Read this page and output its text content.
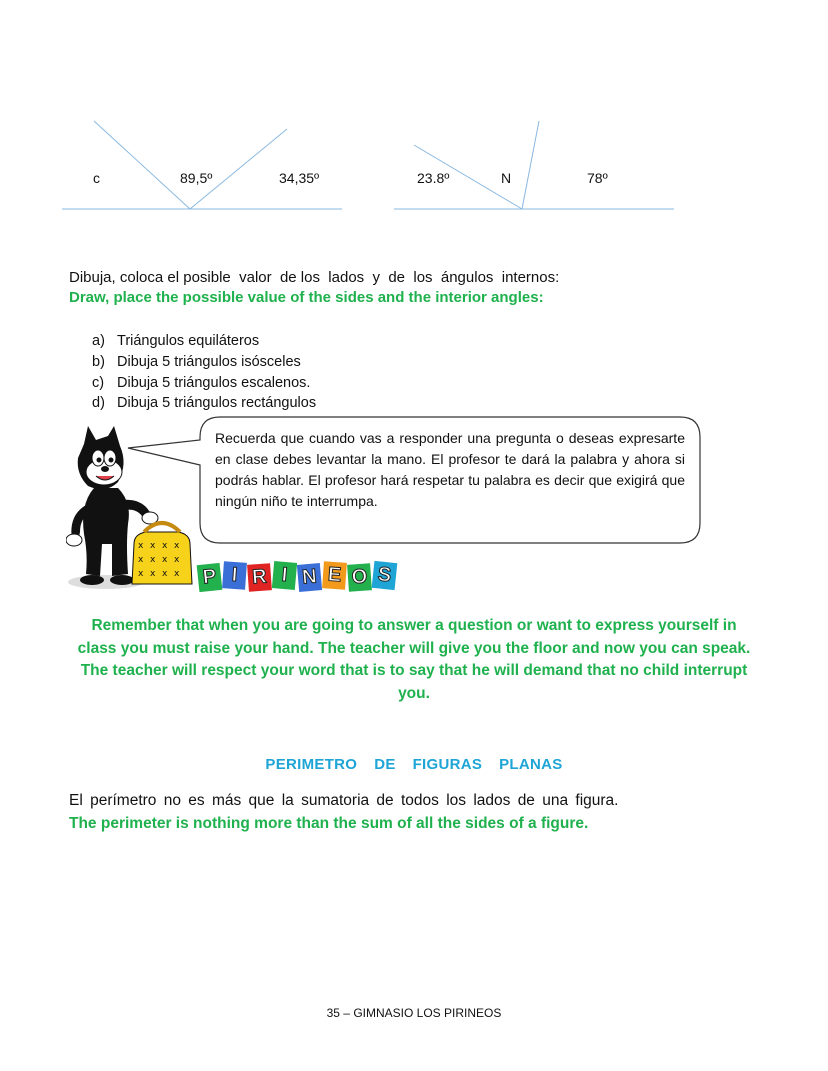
c	89,5º	34,35º	23.8º	N	78º
Dibuja, coloca el posible  valor  de los  lados  y  de  los  ángulos  internos:
Draw, place the possible value of the sides and the interior angles:
a) Triángulos equiláteros
b) Dibuja 5 triángulos isósceles
c) Dibuja 5 triángulos escalenos.
d) Dibuja 5 triángulos rectángulos
Recuerda que cuando vas a responder una pregunta o deseas expresarte en clase debes levantar la mano. El profesor te dará la palabra y ahora si podrás hablar. El profesor hará respetar tu palabra es decir que exigirá que ningún niño te interrumpa.
x x x x
x x x x
x x x x P I R I N E O S
Remember that when you are going to answer a question or want to express yourself in class you must raise your hand. The teacher will give you the floor and now you can speak. The teacher will respect your word that is to say that he will demand that no child interrupt you.
PERIMETRO  DE  FIGURAS  PLANAS
El perímetro no es más que la sumatoria de todos los lados de una figura.
The perimeter is nothing more than the sum of all the sides of a figure.
35 – GIMNASIO LOS PIRINEOS
